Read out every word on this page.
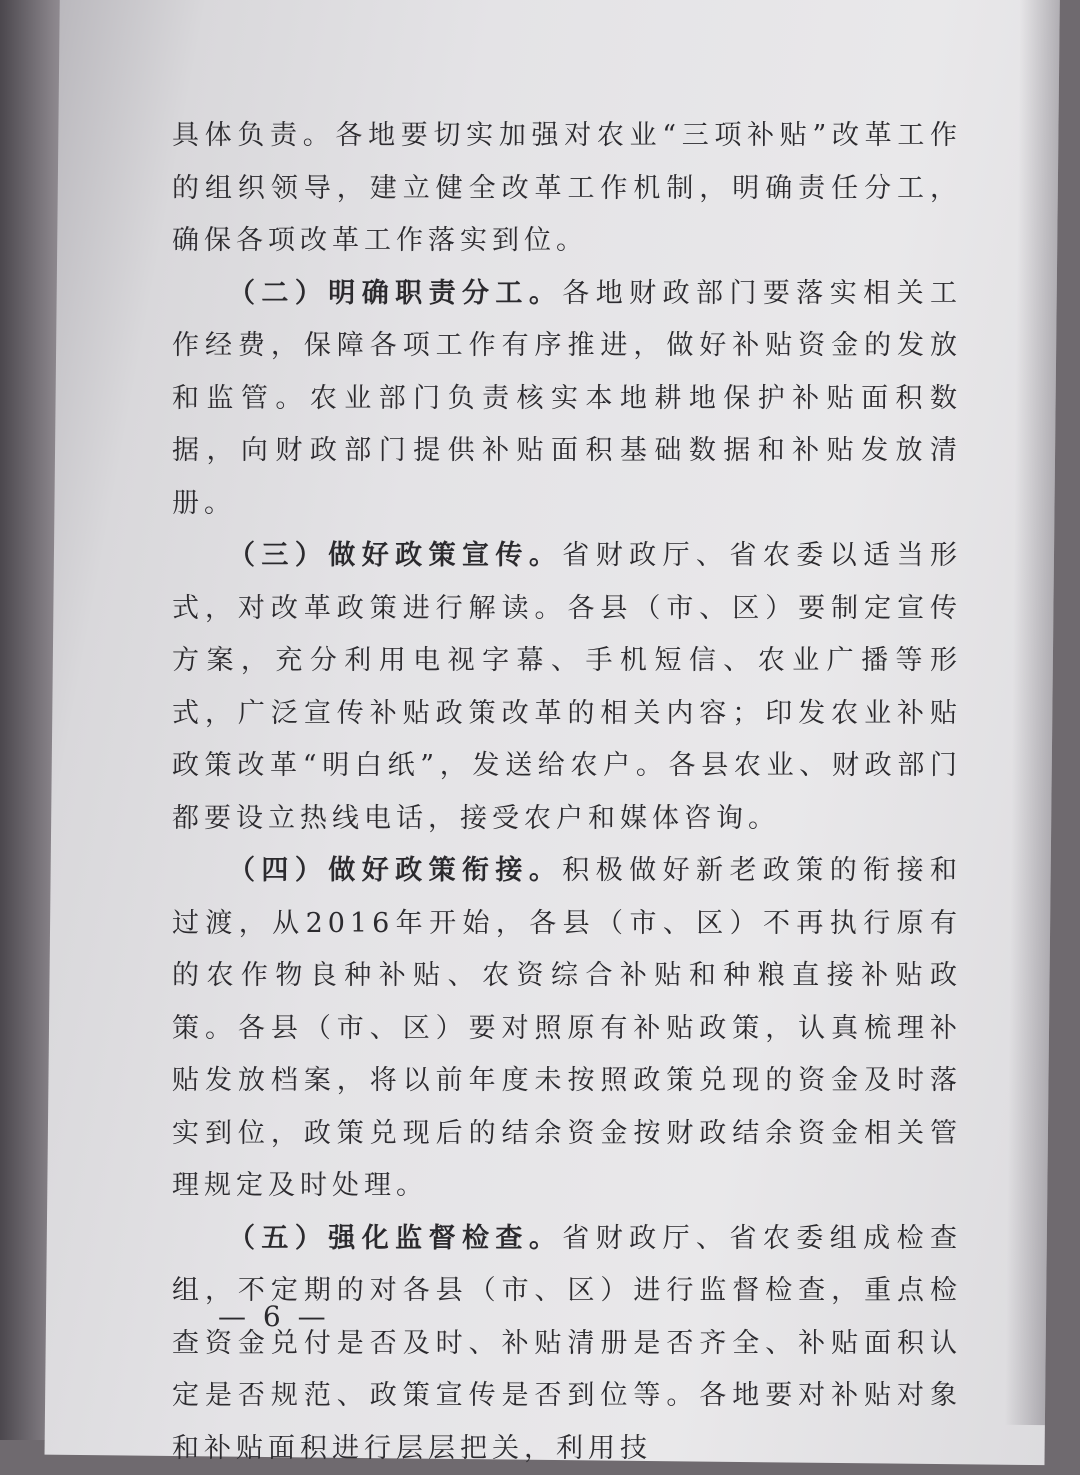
具体负责。各地要切实加强对农业“三项补贴”改革工作的组织领导，建立健全改革工作机制，明确责任分工，确保各项改革工作落实到位。

（二）明确职责分工。各地财政部门要落实相关工作经费，保障各项工作有序推进，做好补贴资金的发放和监管。农业部门负责核实本地耕地保护补贴面积数据，向财政部门提供补贴面积基础数据和补贴发放清册。

（三）做好政策宣传。省财政厅、省农委以适当形式，对改革政策进行解读。各县（市、区）要制定宣传方案，充分利用电视字幕、手机短信、农业广播等形式，广泛宣传补贴政策改革的相关内容；印发农业补贴政策改革“明白纸”，发送给农户。各县农业、财政部门都要设立热线电话，接受农户和媒体咨询。

（四）做好政策衔接。积极做好新老政策的衔接和过渡，从2016年开始，各县（市、区）不再执行原有的农作物良种补贴、农资综合补贴和种粮直接补贴政策。各县（市、区）要对照原有补贴政策，认真梳理补贴发放档案，将以前年度未按照政策兑现的资金及时落实到位，政策兑现后的结余资金按财政结余资金相关管理规定及时处理。

（五）强化监督检查。省财政厅、省农委组成检查组，不定期的对各县（市、区）进行监督检查，重点检查资金兑付是否及时、补贴清册是否齐全、补贴面积认定是否规范、政策宣传是否到位等。各地要对补贴对象和补贴面积进行层层把关，利用技

— 6 —
